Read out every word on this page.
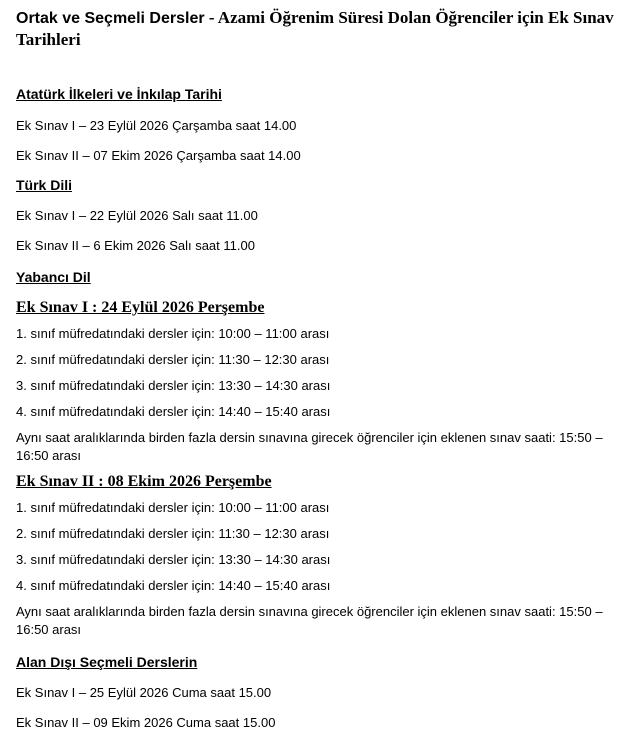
Ortak ve Seçmeli Dersler - Azami Öğrenim Süresi Dolan Öğrenciler için Ek Sınav Tarihleri
Atatürk İlkeleri ve İnkılap Tarihi
Ek Sınav I – 23 Eylül 2026 Çarşamba saat 14.00
Ek Sınav II – 07 Ekim 2026 Çarşamba saat 14.00
Türk Dili
Ek Sınav I – 22 Eylül 2026 Salı saat 11.00
Ek Sınav II – 6 Ekim 2026 Salı saat 11.00
Yabancı Dil
Ek Sınav I : 24 Eylül 2026 Perşembe
1. sınıf müfredatındaki dersler için: 10:00 – 11:00 arası
2. sınıf müfredatındaki dersler için: 11:30 – 12:30 arası
3. sınıf müfredatındaki dersler için: 13:30 – 14:30 arası
4. sınıf müfredatındaki dersler için: 14:40 – 15:40 arası
Aynı saat aralıklarında birden fazla dersin sınavına girecek öğrenciler için eklenen sınav saati: 15:50 – 16:50 arası
Ek Sınav II : 08 Ekim 2026 Perşembe
1. sınıf müfredatındaki dersler için: 10:00 – 11:00 arası
2. sınıf müfredatındaki dersler için: 11:30 – 12:30 arası
3. sınıf müfredatındaki dersler için: 13:30 – 14:30 arası
4. sınıf müfredatındaki dersler için: 14:40 – 15:40 arası
Aynı saat aralıklarında birden fazla dersin sınavına girecek öğrenciler için eklenen sınav saati: 15:50 – 16:50 arası
Alan Dışı Seçmeli Derslerin
Ek Sınav I – 25 Eylül 2026 Cuma saat 15.00
Ek Sınav II – 09 Ekim 2026 Cuma saat 15.00
